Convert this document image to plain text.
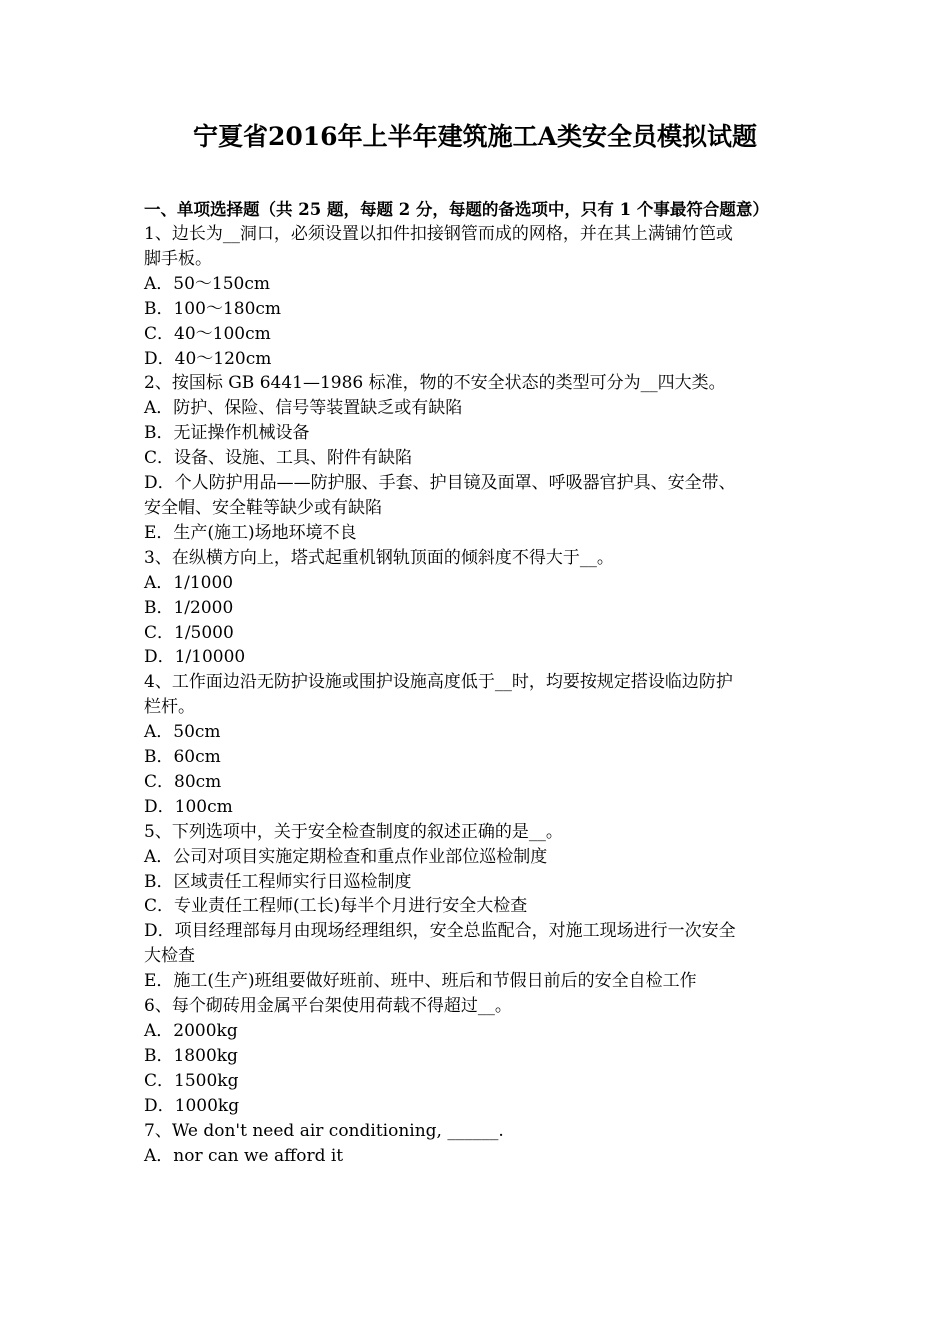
宁夏省2016年上半年建筑施工A类安全员模拟试题

一、单项选择题（共 25 题，每题 2 分，每题的备选项中，只有 1 个事最符合题意）

1、边长为__洞口，必须设置以扣件扣接钢管而成的网格，并在其上满铺竹笆或

脚手板。

A．50～150cm

B．100～180cm

C．40～100cm

D．40～120cm

2、按国标 GB 6441—1986 标准，物的不安全状态的类型可分为__四大类。

A．防护、保险、信号等装置缺乏或有缺陷

B．无证操作机械设备

C．设备、设施、工具、附件有缺陷

D．个人防护用品——防护服、手套、护目镜及面罩、呼吸器官护具、安全带、

安全帽、安全鞋等缺少或有缺陷

E．生产(施工)场地环境不良

3、在纵横方向上，塔式起重机钢轨顶面的倾斜度不得大于__。

A．1/1000

B．1/2000

C．1/5000

D．1/10000

4、工作面边沿无防护设施或围护设施高度低于__时，均要按规定搭设临边防护

栏杆。

A．50cm

B．60cm

C．80cm

D．100cm

5、下列选项中，关于安全检查制度的叙述正确的是__。

A．公司对项目实施定期检查和重点作业部位巡检制度

B．区域责任工程师实行日巡检制度

C．专业责任工程师(工长)每半个月进行安全大检查

D．项目经理部每月由现场经理组织，安全总监配合，对施工现场进行一次安全

大检查

E．施工(生产)班组要做好班前、班中、班后和节假日前后的安全自检工作

6、每个砌砖用金属平台架使用荷载不得超过__。

A．2000kg

B．1800kg

C．1500kg

D．1000kg

7、We don't need air conditioning, ______.

A．nor can we afford it
